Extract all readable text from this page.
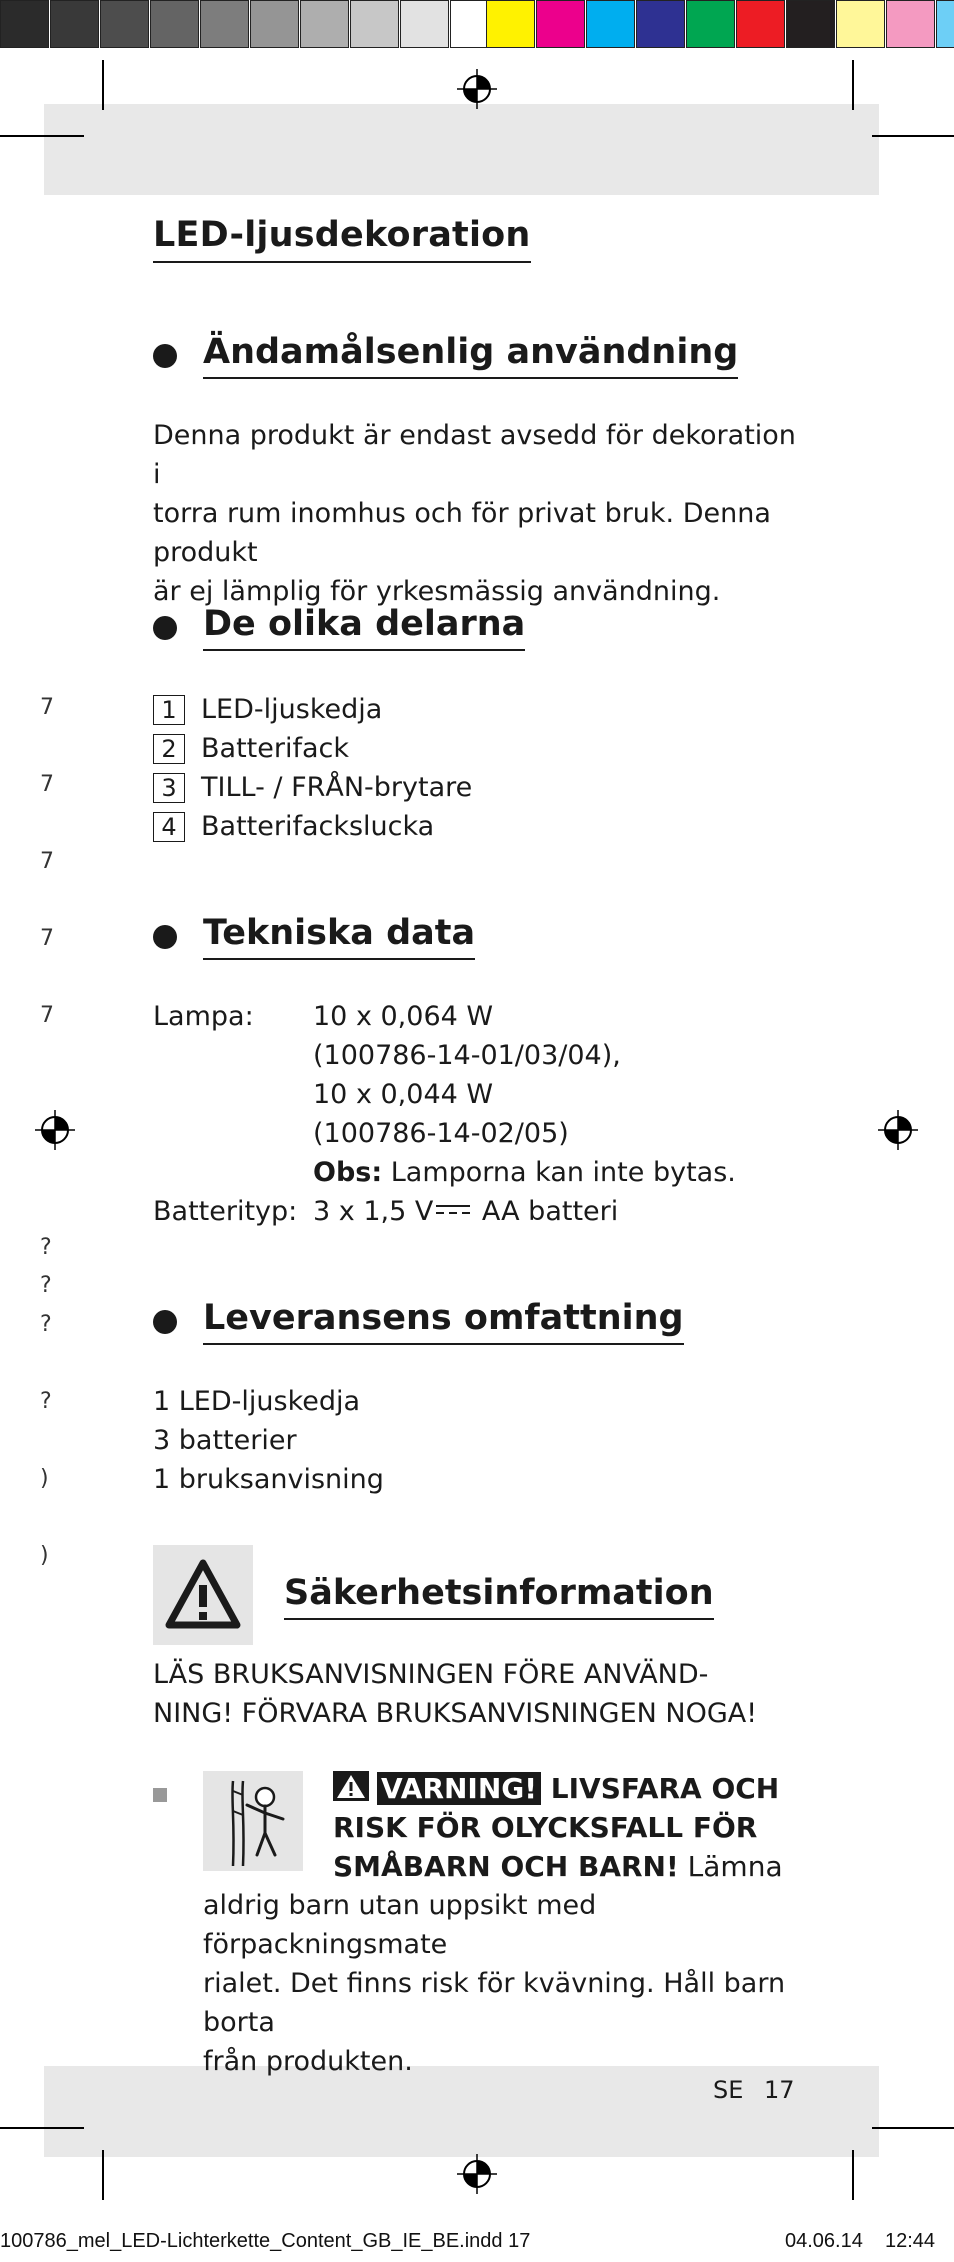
7
7
7
7
7
?
?
?
?
)
)
LED-ljusdekoration
Ändamålsenlig användning
Denna produkt är endast avsedd för dekoration i
torra rum inomhus och för privat bruk. Denna produkt
är ej lämplig för yrkesmässig användning.
De olika delarna
1 LED-ljuskedja
2 Batterifack
3 TILL- / FRÅN-brytare
4 Batterifackslucka
Tekniska data
Lampa:	10 x 0,064 W
(100786-14-01/03/04),
10 x 0,044 W
(100786-14-02/05)
Obs: Lamporna kan inte bytas.
Batterityp: 3 x 1,5 V AA batteri
Leveransens omfattning
1 LED-ljuskedja
3 batterier
1 bruksanvisning
Säkerhetsinformation
LÄS BRUKSANVISNINGEN FÖRE ANVÄND-
NING! FÖRVARA BRUKSANVISNINGEN NOGA!
VARNING! LIVSFARA OCH
RISK FÖR OLYCKSFALL FÖR
SMÅBARN OCH BARN! Lämna
aldrig barn utan uppsikt med förpackningsmate
rialet. Det finns risk för kvävning. Håll barn borta
från produkten.
SE 17
100786_mel_LED-Lichterkette_Content_GB_IE_BE.indd 17	04.06.14 12:44
